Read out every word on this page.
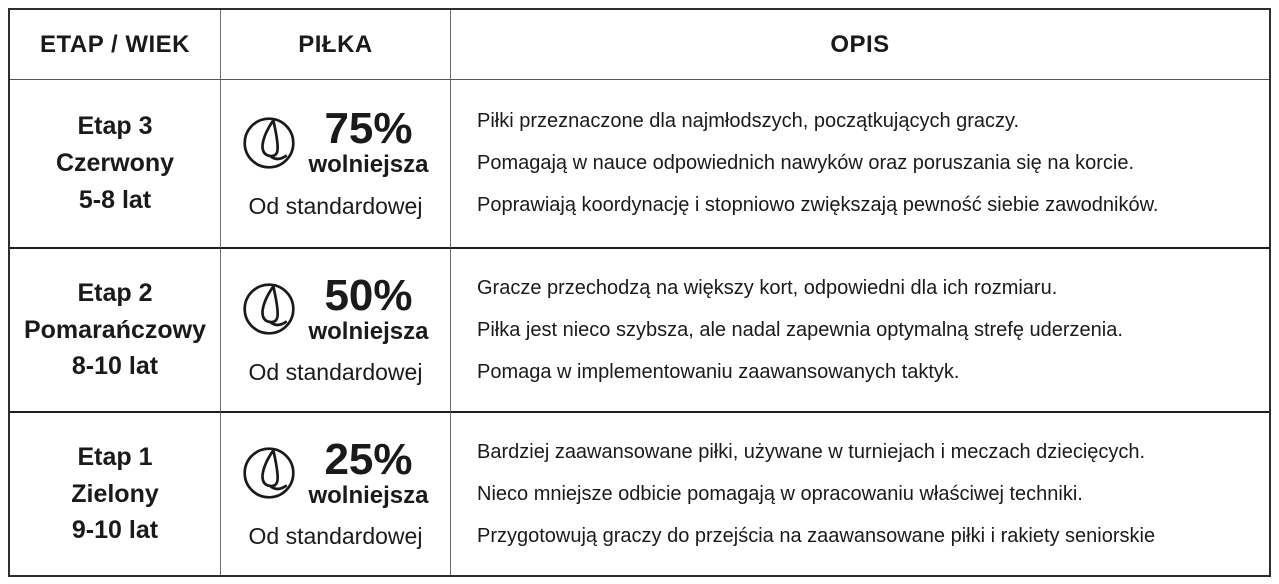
ETAP / WIEK	PIŁKA	OPIS
Etap 3
Czerwony
5-8 lat
75%
wolniejsza
Od standardowej
Piłki przeznaczone dla najmłodszych, początkujących graczy.
Pomagają w nauce odpowiednich nawyków oraz poruszania się na korcie.
Poprawiają koordynację i stopniowo zwiększają pewność siebie zawodników.
Etap 2
Pomarańczowy
8-10 lat
50%
wolniejsza
Od standardowej
Gracze przechodzą na większy kort, odpowiedni dla ich rozmiaru.
Piłka jest nieco szybsza, ale nadal zapewnia optymalną strefę uderzenia.
Pomaga w implementowaniu zaawansowanych taktyk.
Etap 1
Zielony
9-10 lat
25%
wolniejsza
Od standardowej
Bardziej zaawansowane piłki, używane w turniejach i meczach dziecięcych.
Nieco mniejsze odbicie pomagają w opracowaniu właściwej techniki.
Przygotowują graczy do przejścia na zaawansowane piłki i rakiety seniorskie
